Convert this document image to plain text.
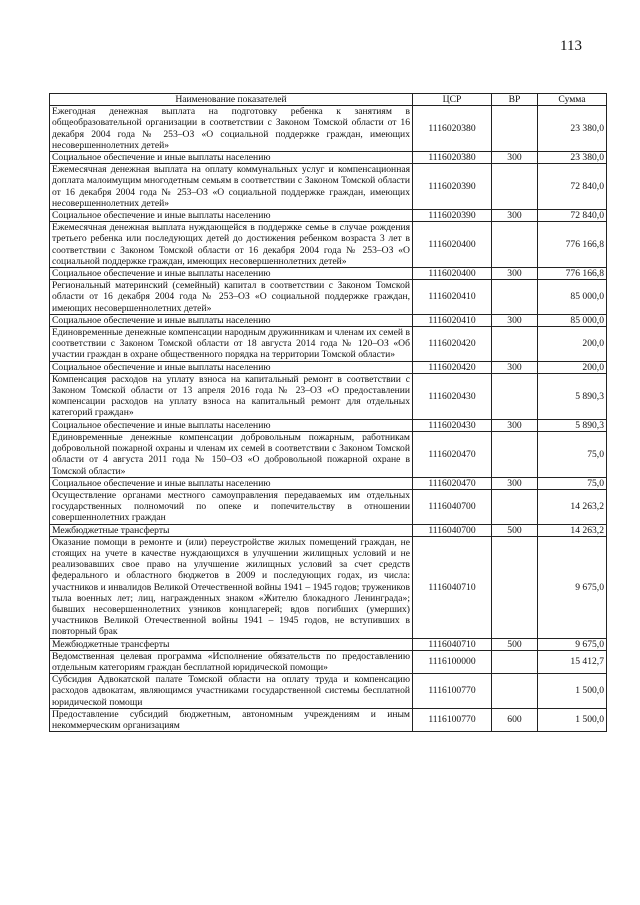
113
Наименование показателей	ЦСР	ВР	Сумма
Ежегодная денежная выплата на подготовку ребенка к занятиям в общеобразовательной организации в соответствии с Законом Томской области от 16 декабря 2004 года № 253–ОЗ «О социальной поддержке граждан, имеющих несовершеннолетних детей»	1116020380		23 380,0
Социальное обеспечение и иные выплаты населению	1116020380	300	23 380,0
Ежемесячная денежная выплата на оплату коммунальных услуг и компенсационная доплата малоимущим многодетным семьям в соответствии с Законом Томской области от 16 декабря 2004 года № 253–ОЗ «О социальной поддержке граждан, имеющих несовершеннолетних детей»	1116020390		72 840,0
Социальное обеспечение и иные выплаты населению	1116020390	300	72 840,0
Ежемесячная денежная выплата нуждающейся в поддержке семье в случае рождения третьего ребенка или последующих детей до достижения ребенком возраста 3 лет в соответствии с Законом Томской области от 16 декабря 2004 года № 253–ОЗ «О социальной поддержке граждан, имеющих несовершеннолетних детей»	1116020400		776 166,8
Социальное обеспечение и иные выплаты населению	1116020400	300	776 166,8
Региональный материнский (семейный) капитал в соответствии с Законом Томской области от 16 декабря 2004 года № 253–ОЗ «О социальной поддержке граждан, имеющих несовершеннолетних детей»	1116020410		85 000,0
Социальное обеспечение и иные выплаты населению	1116020410	300	85 000,0
Единовременные денежные компенсации народным дружинникам и членам их семей в соответствии с Законом Томской области от 18 августа 2014 года № 120–ОЗ «Об участии граждан в охране общественного порядка на территории Томской области»	1116020420		200,0
Социальное обеспечение и иные выплаты населению	1116020420	300	200,0
Компенсация расходов на уплату взноса на капитальный ремонт в соответствии с Законом Томской области от 13 апреля 2016 года № 23–ОЗ «О предоставлении компенсации расходов на уплату взноса на капитальный ремонт для отдельных категорий граждан»	1116020430		5 890,3
Социальное обеспечение и иные выплаты населению	1116020430	300	5 890,3
Единовременные денежные компенсации добровольным пожарным, работникам добровольной пожарной охраны и членам их семей в соответствии с Законом Томской области от 4 августа 2011 года № 150–ОЗ «О добровольной пожарной охране в Томской области»	1116020470		75,0
Социальное обеспечение и иные выплаты населению	1116020470	300	75,0
Осуществление органами местного самоуправления передаваемых им отдельных государственных полномочий по опеке и попечительству в отношении совершеннолетних граждан	1116040700		14 263,2
Межбюджетные трансферты	1116040700	500	14 263,2
Оказание помощи в ремонте и (или) переустройстве жилых помещений граждан, не стоящих на учете в качестве нуждающихся в улучшении жилищных условий и не реализовавших свое право на улучшение жилищных условий за счет средств федерального и областного бюджетов в 2009 и последующих годах, из числа: участников и инвалидов Великой Отечественной войны 1941 – 1945 годов; тружеников тыла военных лет; лиц, награжденных знаком «Жителю блокадного Ленинграда»; бывших несовершеннолетних узников концлагерей; вдов погибших (умерших) участников Великой Отечественной войны 1941 – 1945 годов, не вступивших в повторный брак	1116040710		9 675,0
Межбюджетные трансферты	1116040710	500	9 675,0
Ведомственная целевая программа «Исполнение обязательств по предоставлению отдельным категориям граждан бесплатной юридической помощи»	1116100000		15 412,7
Субсидия Адвокатской палате Томской области на оплату труда и компенсацию расходов адвокатам, являющимся участниками государственной системы бесплатной юридической помощи	1116100770		1 500,0
Предоставление субсидий бюджетным, автономным учреждениям и иным некоммерческим организациям	1116100770	600	1 500,0
